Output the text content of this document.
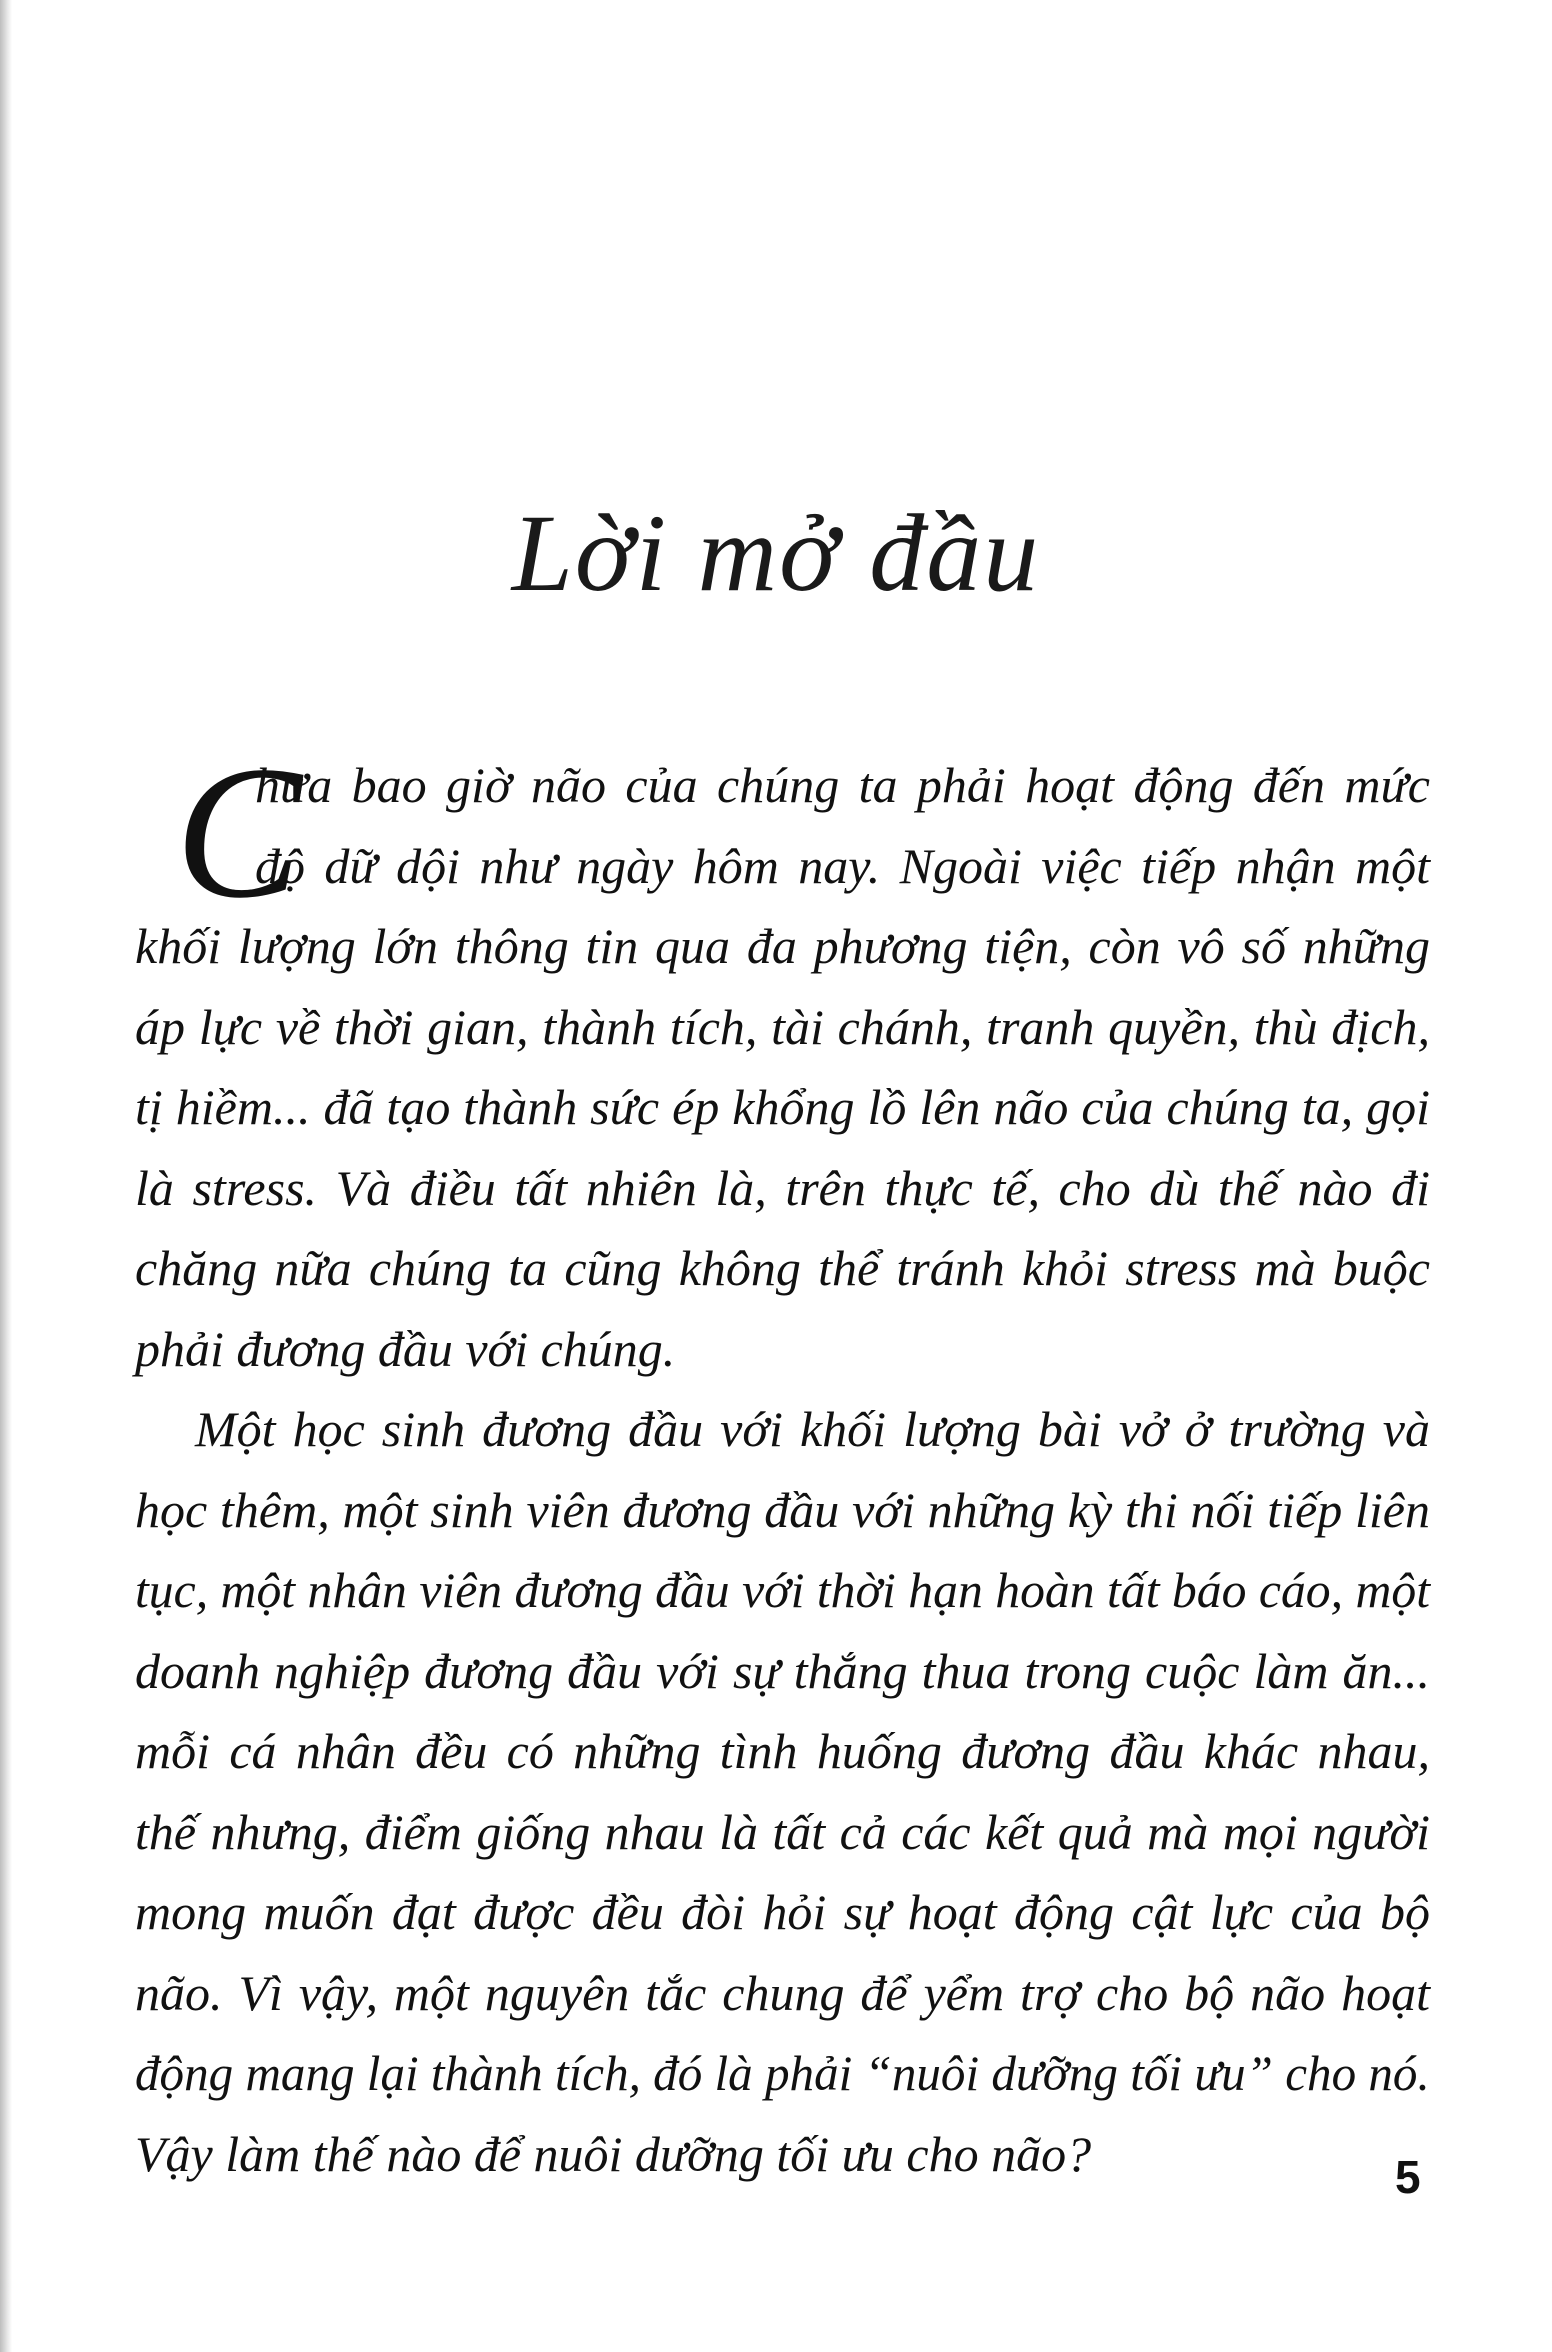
Lời mở đầu
C
hưa bao giờ não của chúng ta phải hoạt động đến mức
độ dữ dội như ngày hôm nay. Ngoài việc tiếp nhận một
khối lượng lớn thông tin qua đa phương tiện, còn vô số những
áp lực về thời gian, thành tích, tài chánh, tranh quyền, thù địch,
tị hiềm... đã tạo thành sức ép khổng lồ lên não của chúng ta, gọi
là stress. Và điều tất nhiên là, trên thực tế, cho dù thế nào đi
chăng nữa chúng ta cũng không thể tránh khỏi stress mà buộc
phải đương đầu với chúng.
Một học sinh đương đầu với khối lượng bài vở ở trường và
học thêm, một sinh viên đương đầu với những kỳ thi nối tiếp liên
tục, một nhân viên đương đầu với thời hạn hoàn tất báo cáo, một
doanh nghiệp đương đầu với sự thắng thua trong cuộc làm ăn...
mỗi cá nhân đều có những tình huống đương đầu khác nhau,
thế nhưng, điểm giống nhau là tất cả các kết quả mà mọi người
mong muốn đạt được đều đòi hỏi sự hoạt động cật lực của bộ
não. Vì vậy, một nguyên tắc chung để yểm trợ cho bộ não hoạt
động mang lại thành tích, đó là phải “nuôi dưỡng tối ưu” cho nó.
Vậy làm thế nào để nuôi dưỡng tối ưu cho não?	5
